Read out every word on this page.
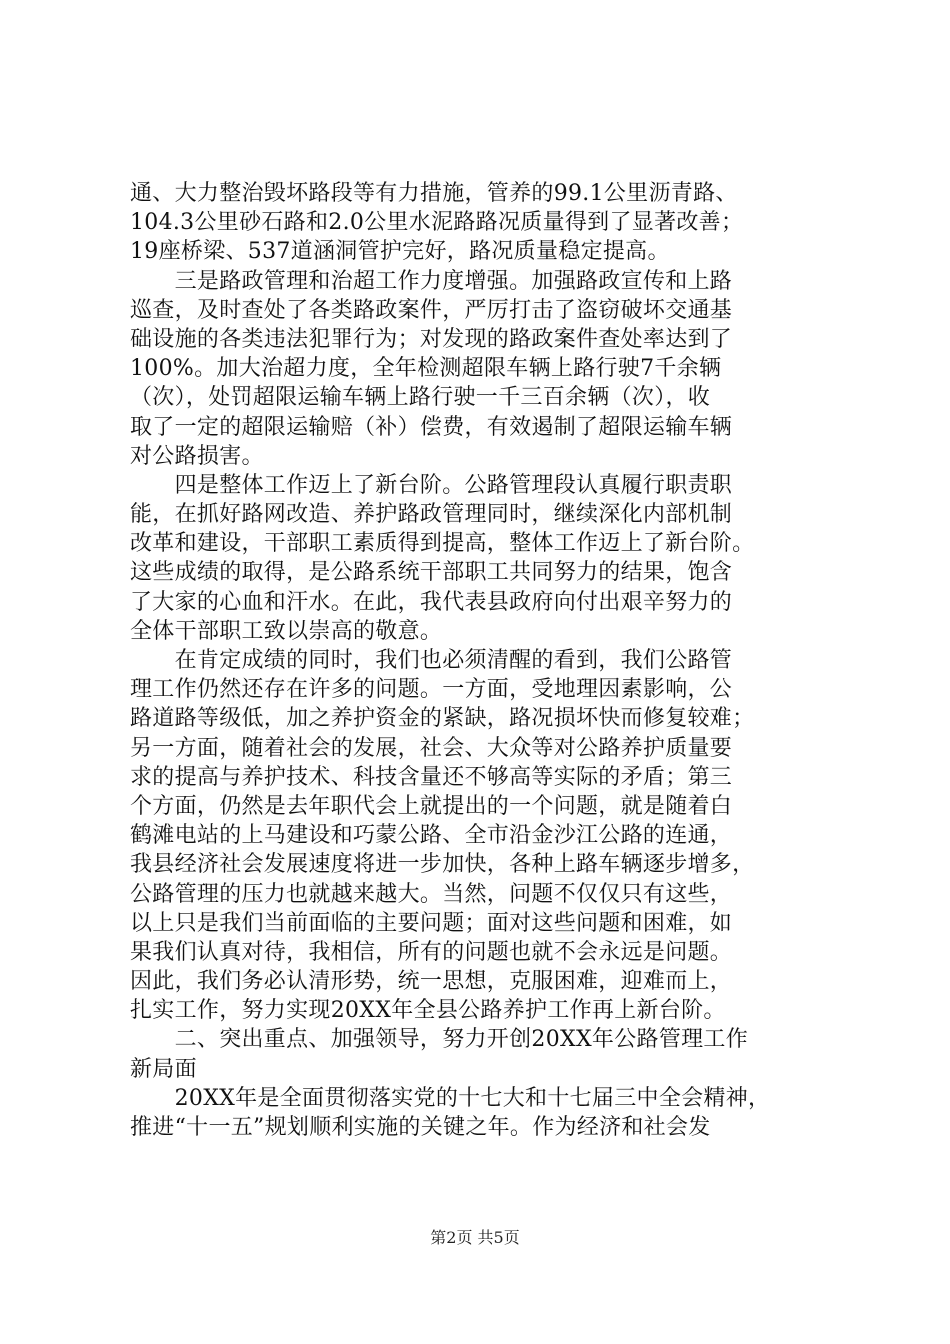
通、大力整治毁坏路段等有力措施，管养的99.1公里沥青路、
104.3公里砂石路和2.0公里水泥路路况质量得到了显著改善；
19座桥梁、537道涵洞管护完好，路况质量稳定提高。
　　三是路政管理和治超工作力度增强。加强路政宣传和上路
巡查，及时查处了各类路政案件，严厉打击了盗窃破坏交通基
础设施的各类违法犯罪行为；对发现的路政案件查处率达到了
100%。加大治超力度，全年检测超限车辆上路行驶7千余辆
（次），处罚超限运输车辆上路行驶一千三百余辆（次），收
取了一定的超限运输赔（补）偿费，有效遏制了超限运输车辆
对公路损害。
　　四是整体工作迈上了新台阶。公路管理段认真履行职责职
能，在抓好路网改造、养护路政管理同时，继续深化内部机制
改革和建设，干部职工素质得到提高，整体工作迈上了新台阶。
这些成绩的取得，是公路系统干部职工共同努力的结果，饱含
了大家的心血和汗水。在此，我代表县政府向付出艰辛努力的
全体干部职工致以崇高的敬意。
　　在肯定成绩的同时，我们也必须清醒的看到，我们公路管
理工作仍然还存在许多的问题。一方面，受地理因素影响，公
路道路等级低，加之养护资金的紧缺，路况损坏快而修复较难；
另一方面，随着社会的发展，社会、大众等对公路养护质量要
求的提高与养护技术、科技含量还不够高等实际的矛盾；第三
个方面，仍然是去年职代会上就提出的一个问题，就是随着白
鹤滩电站的上马建设和巧蒙公路、全市沿金沙江公路的连通，
我县经济社会发展速度将进一步加快，各种上路车辆逐步增多，
公路管理的压力也就越来越大。当然，问题不仅仅只有这些，
以上只是我们当前面临的主要问题；面对这些问题和困难，如
果我们认真对待，我相信，所有的问题也就不会永远是问题。
因此，我们务必认清形势，统一思想，克服困难，迎难而上，
扎实工作，努力实现20XX年全县公路养护工作再上新台阶。
　　二、突出重点、加强领导，努力开创20XX年公路管理工作
新局面
　　20XX年是全面贯彻落实党的十七大和十七届三中全会精神，
推进“十一五”规划顺利实施的关键之年。作为经济和社会发
第2页 共5页
